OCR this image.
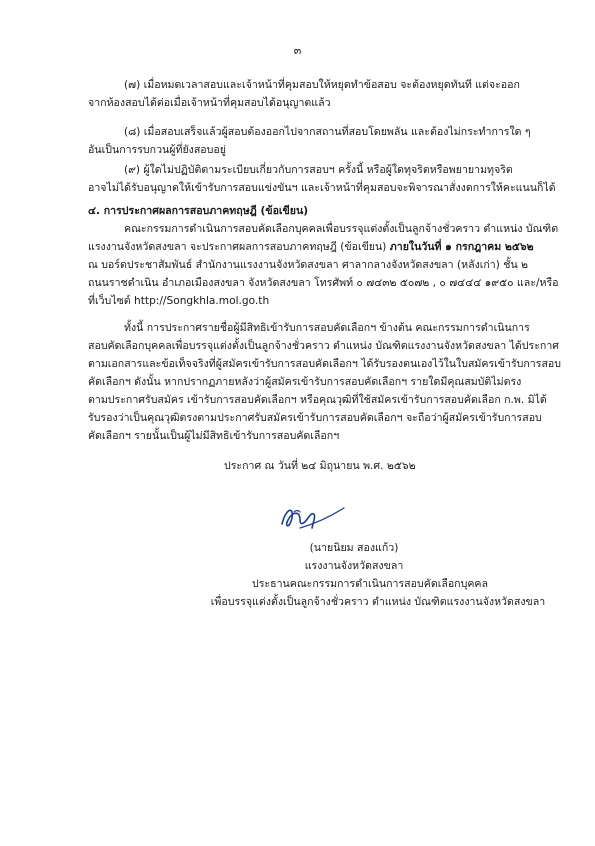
๓
(๗) เมื่อหมดเวลาสอบและเจ้าหน้าที่คุมสอบให้หยุดทำข้อสอบ จะต้องหยุดทันที แต่จะออก
จากห้องสอบได้ต่อเมื่อเจ้าหน้าที่คุมสอบได้อนุญาตแล้ว
(๘) เมื่อสอบเสร็จแล้วผู้สอบต้องออกไปจากสถานที่สอบโดยพลัน และต้องไม่กระทำการใด ๆ
อันเป็นการรบกวนผู้ที่ยังสอบอยู่
(๙) ผู้ใดไม่ปฏิบัติตามระเบียบเกี่ยวกับการสอบฯ ครั้งนี้ หรือผู้ใดทุจริตหรือพยายามทุจริต
อาจไม่ได้รับอนุญาตให้เข้ารับการสอบแข่งขันฯ และเจ้าหน้าที่คุมสอบจะพิจารณาสั่งงดการให้คะแนนก็ได้
๔. การประกาศผลการสอบภาคทฤษฎี (ข้อเขียน)
คณะกรรมการดำเนินการสอบคัดเลือกบุคคลเพื่อบรรจุแต่งตั้งเป็นลูกจ้างชั่วคราว ตำแหน่ง บัณฑิต
แรงงานจังหวัดสงขลา จะประกาศผลการสอบภาคทฤษฎี (ข้อเขียน) ภายในวันที่ ๑ กรกฎาคม ๒๕๖๒
ณ บอร์ดประชาสัมพันธ์ สำนักงานแรงงานจังหวัดสงขลา ศาลากลางจังหวัดสงขลา (หลังเก่า) ชั้น ๒
ถนนราชดำเนิน อำเภอเมืองสงขลา จังหวัดสงขลา โทรศัพท์ ๐ ๗๔๓๒ ๕๐๗๒ , ๐ ๗๔๔๔ ๑๙๕๐ และ/หรือ
ที่เว็บไซต์ http://Songkhla.mol.go.th
ทั้งนี้ การประกาศรายชื่อผู้มีสิทธิเข้ารับการสอบคัดเลือกฯ ข้างต้น คณะกรรมการดำเนินการ
สอบคัดเลือกบุคคลเพื่อบรรจุแต่งตั้งเป็นลูกจ้างชั่วคราว ตำแหน่ง บัณฑิตแรงงานจังหวัดสงขลา ได้ประกาศ
ตามเอกสารและข้อเท็จจริงที่ผู้สมัครเข้ารับการสอบคัดเลือกฯ ได้รับรองตนเองไว้ในใบสมัครเข้ารับการสอบ
คัดเลือกฯ ดังนั้น หากปรากฏภายหลังว่าผู้สมัครเข้ารับการสอบคัดเลือกฯ รายใดมีคุณสมบัติไม่ตรง
ตามประกาศรับสมัคร เข้ารับการสอบคัดเลือกฯ หรือคุณวุฒิที่ใช้สมัครเข้ารับการสอบคัดเลือก ก.พ. มิได้
รับรองว่าเป็นคุณวุฒิตรงตามประกาศรับสมัครเข้ารับการสอบคัดเลือกฯ จะถือว่าผู้สมัครเข้ารับการสอบ
คัดเลือกฯ รายนั้นเป็นผู้ไม่มีสิทธิเข้ารับการสอบคัดเลือกฯ
ประกาศ ณ วันที่ ๒๔ มิถุนายน พ.ศ. ๒๕๖๒
(นายนิยม สองแก้ว)
แรงงานจังหวัดสงขลา
ประธานคณะกรรมการดำเนินการสอบคัดเลือกบุคคล
เพื่อบรรจุแต่งตั้งเป็นลูกจ้างชั่วคราว ตำแหน่ง บัณฑิตแรงงานจังหวัดสงขลา
